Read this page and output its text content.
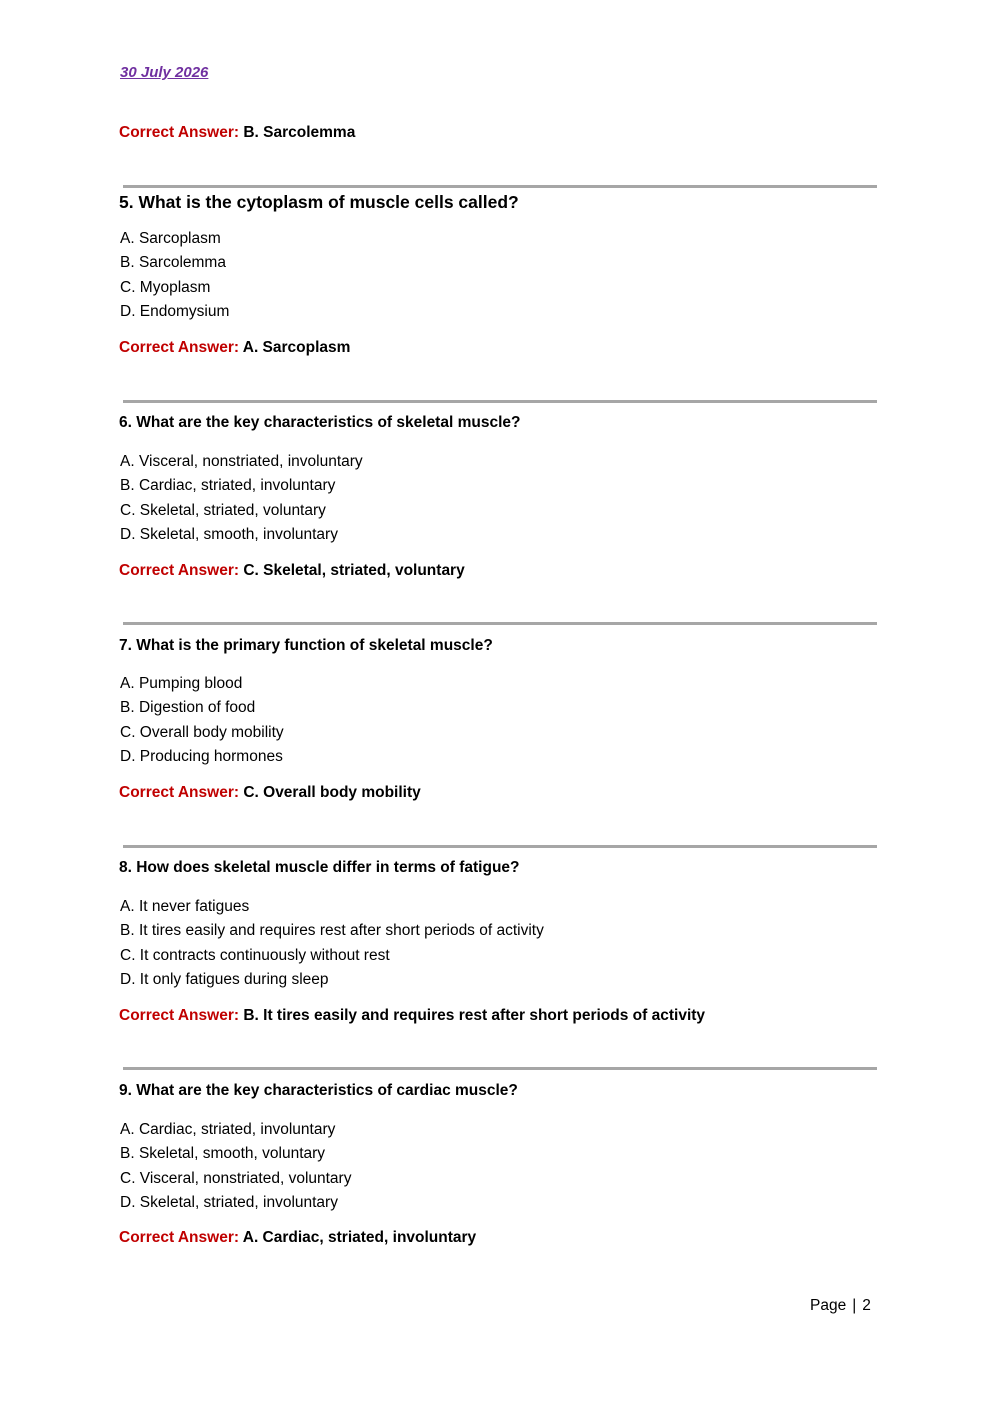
30 July 2026
Correct Answer: B. Sarcolemma
5. What is the cytoplasm of muscle cells called?
A. Sarcoplasm
B. Sarcolemma
C. Myoplasm
D. Endomysium
Correct Answer: A. Sarcoplasm
6. What are the key characteristics of skeletal muscle?
A. Visceral, nonstriated, involuntary
B. Cardiac, striated, involuntary
C. Skeletal, striated, voluntary
D. Skeletal, smooth, involuntary
Correct Answer: C. Skeletal, striated, voluntary
7. What is the primary function of skeletal muscle?
A. Pumping blood
B. Digestion of food
C. Overall body mobility
D. Producing hormones
Correct Answer: C. Overall body mobility
8. How does skeletal muscle differ in terms of fatigue?
A. It never fatigues
B. It tires easily and requires rest after short periods of activity
C. It contracts continuously without rest
D. It only fatigues during sleep
Correct Answer: B. It tires easily and requires rest after short periods of activity
9. What are the key characteristics of cardiac muscle?
A. Cardiac, striated, involuntary
B. Skeletal, smooth, voluntary
C. Visceral, nonstriated, voluntary
D. Skeletal, striated, involuntary
Correct Answer: A. Cardiac, striated, involuntary
Page | 2
